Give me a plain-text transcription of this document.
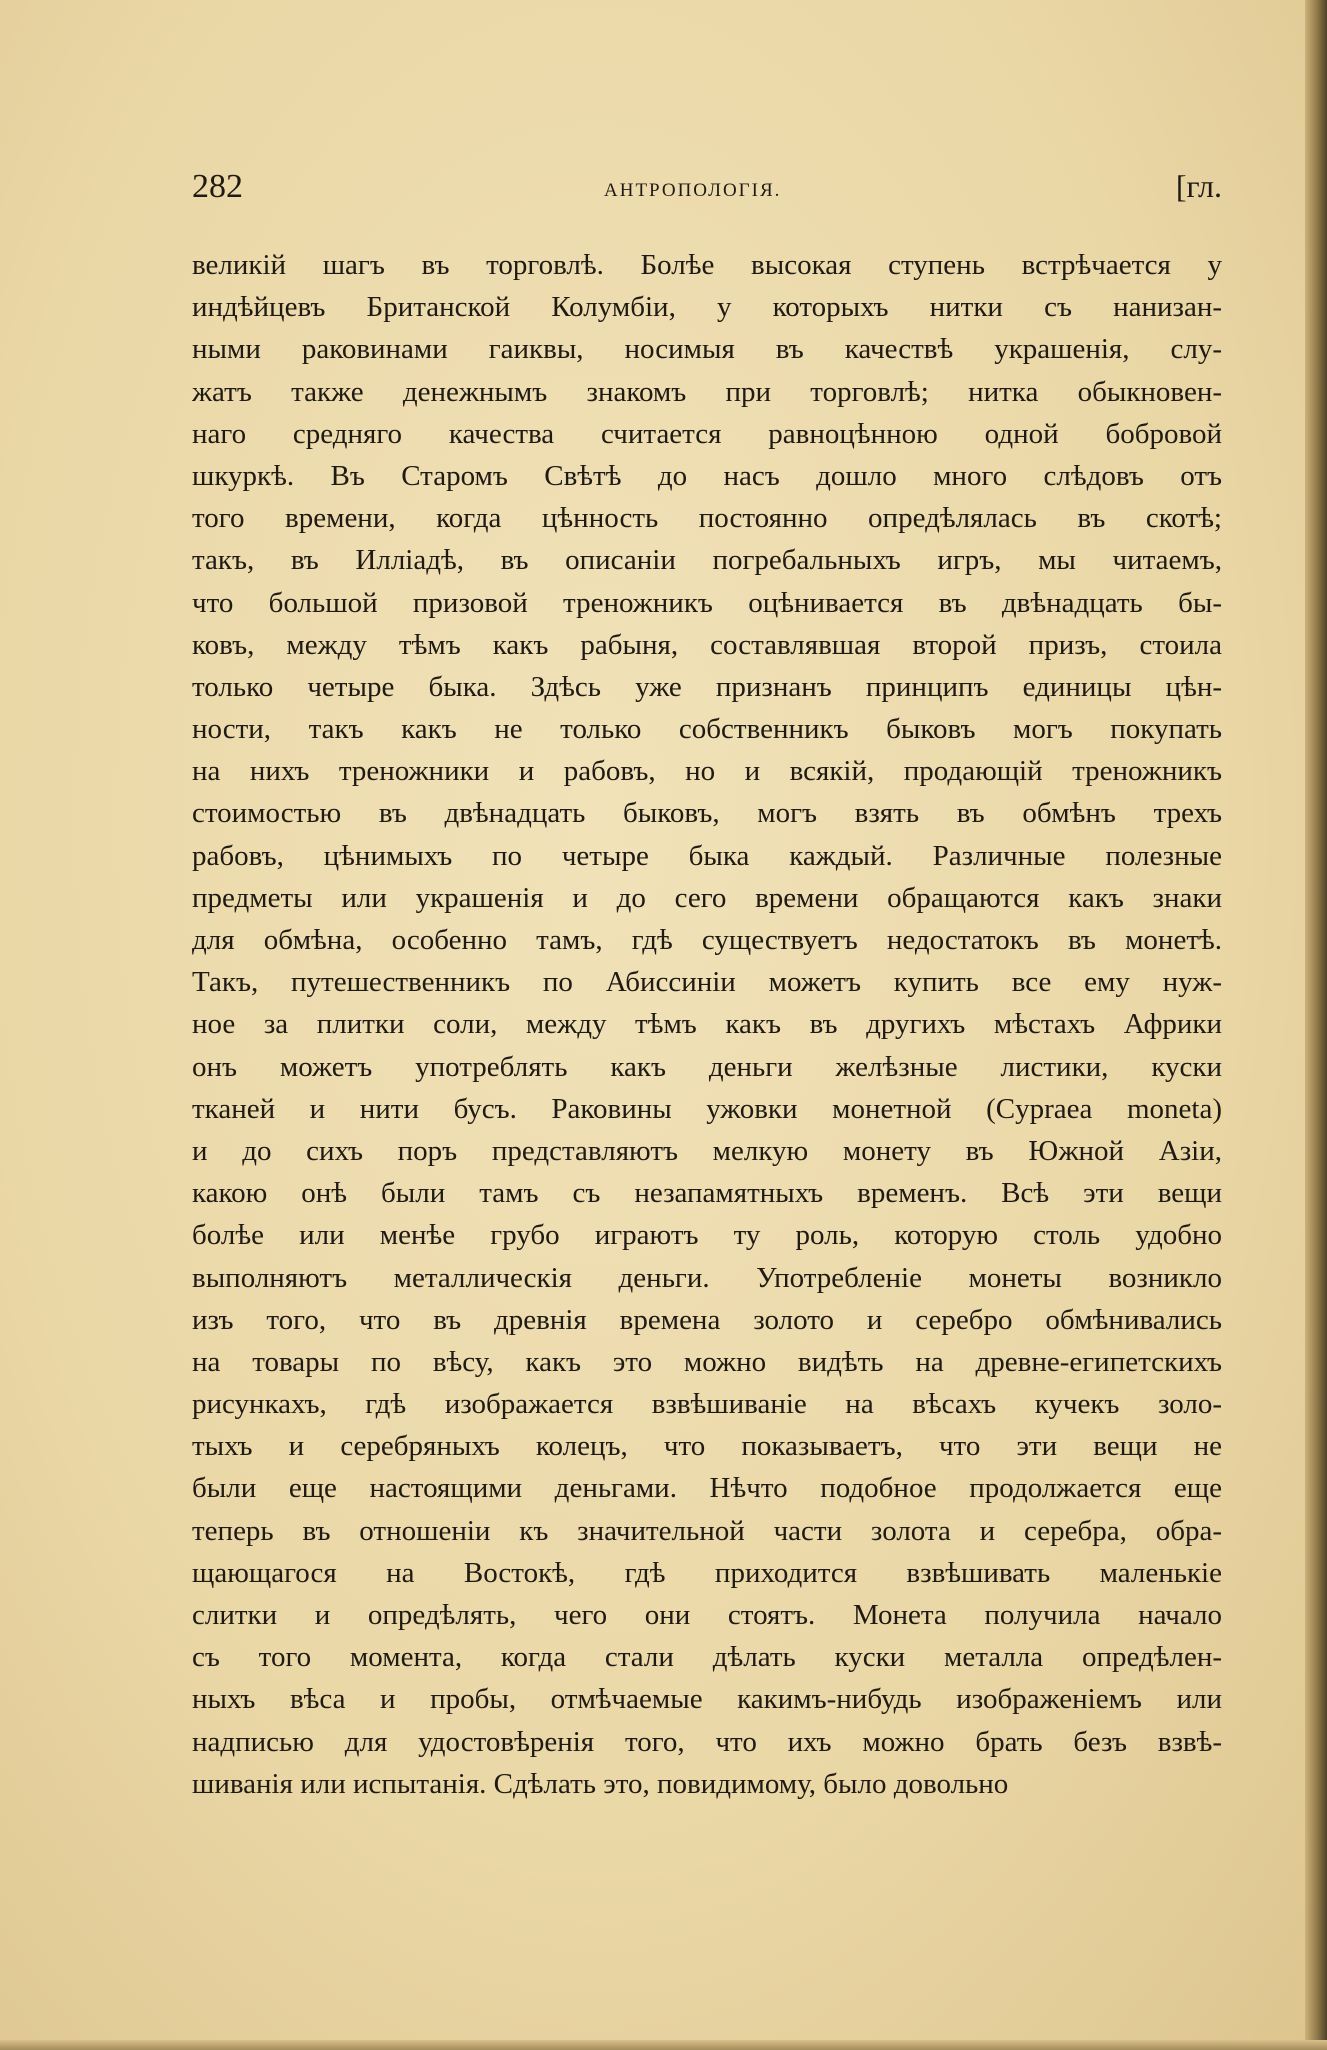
282	АНТРОПОЛОГІЯ.	[гл.
великій шагъ въ торговлѣ. Болѣе высокая ступень встрѣчается у
индѣйцевъ Британской Колумбіи, у которыхъ нитки съ нанизан-
ными раковинами гаиквы, носимыя въ качествѣ украшенія, слу-
жатъ также денежнымъ знакомъ при торговлѣ; нитка обыкновен-
наго средняго качества считается равноцѣнною одной бобровой
шкуркѣ. Въ Старомъ Свѣтѣ до насъ дошло много слѣдовъ отъ
того времени, когда цѣнность постоянно опредѣлялась въ скотѣ;
такъ, въ Илліадѣ, въ описаніи погребальныхъ игръ, мы читаемъ,
что большой призовой треножникъ оцѣнивается въ двѣнадцать бы-
ковъ, между тѣмъ какъ рабыня, составлявшая второй призъ, стоила
только четыре быка. Здѣсь уже признанъ принципъ единицы цѣн-
ности, такъ какъ не только собственникъ быковъ могъ покупать
на нихъ треножники и рабовъ, но и всякій, продающій треножникъ
стоимостью въ двѣнадцать быковъ, могъ взять въ обмѣнъ трехъ
рабовъ, цѣнимыхъ по четыре быка каждый. Различные полезные
предметы или украшенія и до сего времени обращаются какъ знаки
для обмѣна, особенно тамъ, гдѣ существуетъ недостатокъ въ монетѣ.
Такъ, путешественникъ по Абиссиніи можетъ купить все ему нуж-
ное за плитки соли, между тѣмъ какъ въ другихъ мѣстахъ Африки
онъ можетъ употреблять какъ деньги желѣзные листики, куски
тканей и нити бусъ. Раковины ужовки монетной (Cypraea moneta)
и до сихъ поръ представляютъ мелкую монету въ Южной Азіи,
какою онѣ были тамъ съ незапамятныхъ временъ. Всѣ эти вещи
болѣе или менѣе грубо играютъ ту роль, которую столь удобно
выполняютъ металлическія деньги. Употребленіе монеты возникло
изъ того, что въ древнія времена золото и серебро обмѣнивались
на товары по вѣсу, какъ это можно видѣть на древне-египетскихъ
рисункахъ, гдѣ изображается взвѣшиваніе на вѣсахъ кучекъ золо-
тыхъ и серебряныхъ колецъ, что показываетъ, что эти вещи не
были еще настоящими деньгами. Нѣчто подобное продолжается еще
теперь въ отношеніи къ значительной части золота и серебра, обра-
щающагося на Востокѣ, гдѣ приходится взвѣшивать маленькіе
слитки и опредѣлять, чего они стоятъ. Монета получила начало
съ того момента, когда стали дѣлать куски металла опредѣлен-
ныхъ вѣса и пробы, отмѣчаемые какимъ-нибудь изображеніемъ или
надписью для удостовѣренія того, что ихъ можно брать безъ взвѣ-
шиванія или испытанія. Сдѣлать это, повидимому, было довольно
